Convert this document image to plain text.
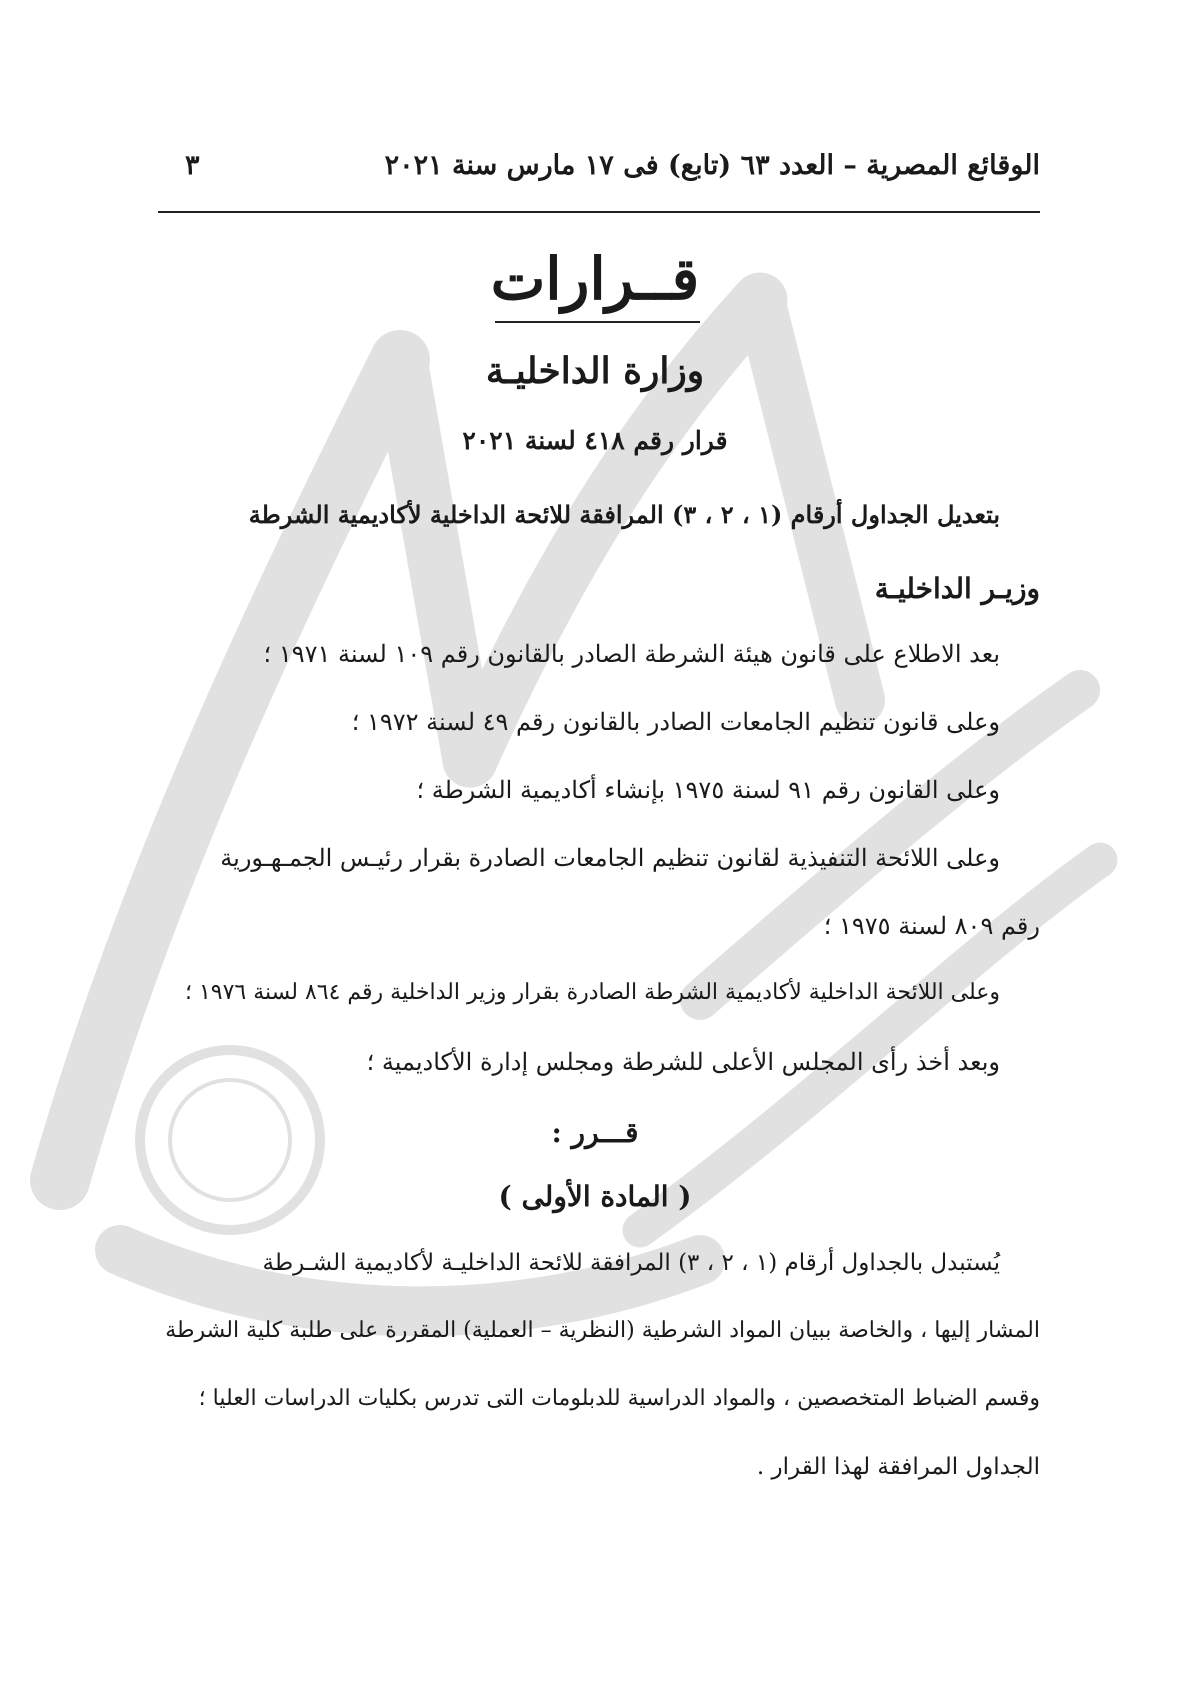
الوقائع المصرية – العدد ٦٣ (تابع) فى ١٧ مارس سنة ٢٠٢١
٣
قــرارات
وزارة الداخليـة
قرار رقم ٤١٨ لسنة ٢٠٢١
بتعديل الجداول أرقام (١ ، ٢ ، ٣) المرافقة للائحة الداخلية لأكاديمية الشرطة
وزيـر الداخليـة
بعد الاطلاع على قانون هيئة الشرطة الصادر بالقانون رقم ١٠٩ لسنة ١٩٧١ ؛
وعلى قانون تنظيم الجامعات الصادر بالقانون رقم ٤٩ لسنة ١٩٧٢ ؛
وعلى القانون رقم ٩١ لسنة ١٩٧٥ بإنشاء أكاديمية الشرطة ؛
وعلى اللائحة التنفيذية لقانون تنظيم الجامعات الصادرة بقرار رئيـس الجمـهـورية
رقم ٨٠٩ لسنة ١٩٧٥ ؛
وعلى اللائحة الداخلية لأكاديمية الشرطة الصادرة بقرار وزير الداخلية رقم ٨٦٤ لسنة ١٩٧٦ ؛
وبعد أخذ رأى المجلس الأعلى للشرطة ومجلس إدارة الأكاديمية ؛
قـــرر :
( المادة الأولى )
يُستبدل بالجداول أرقام (١ ، ٢ ، ٣) المرافقة للائحة الداخليـة لأكاديمية الشـرطة
المشار إليها ، والخاصة ببيان المواد الشرطية (النظرية – العملية) المقررة على طلبة كلية الشرطة
وقسم الضباط المتخصصين ، والمواد الدراسية للدبلومات التى تدرس بكليات الدراسات العليا ؛
الجداول المرافقة لهذا القرار .
